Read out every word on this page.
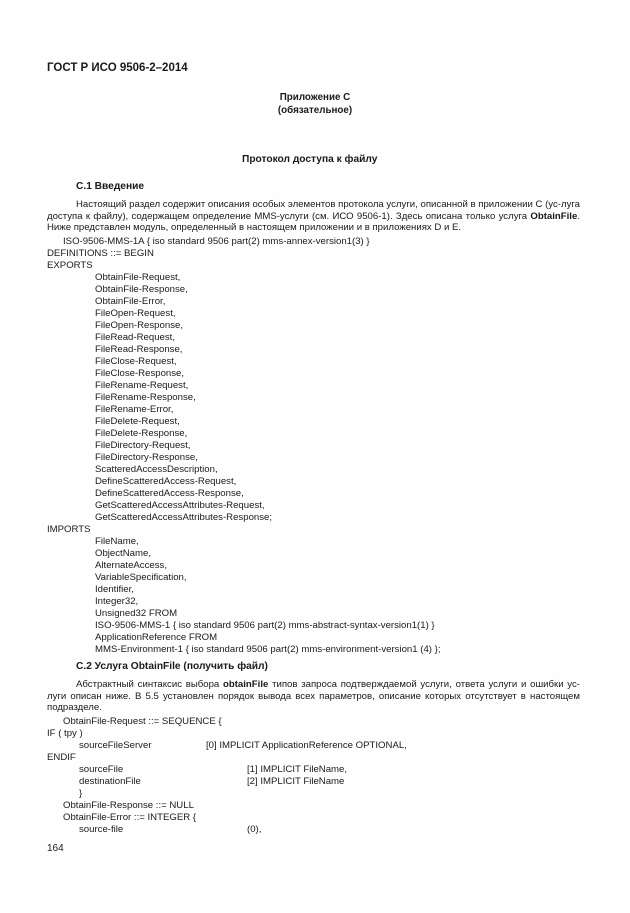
ГОСТ Р ИСО 9506-2–2014
Приложение С
(обязательное)
Протокол доступа к файлу
С.1 Введение
Настоящий раздел содержит описания особых элементов протокола услуги, описанной в приложении С (ус-луга доступа к файлу), содержащем определение MMS-услуги (см. ИСО 9506-1). Здесь описана только услуга ObtainFile. Ниже представлен модуль, определенный в настоящем приложении и в приложениях D и Е.
ISO-9506-MMS-1A { iso standard 9506 part(2) mms-annex-version1(3) }
DEFINITIONS ::= BEGIN
EXPORTS
ObtainFile-Request,
ObtainFile-Response,
ObtainFile-Error,
FileOpen-Request,
FileOpen-Response,
FileRead-Request,
FileRead-Response,
FileClose-Request,
FileClose-Response,
FileRename-Request,
FileRename-Response,
FileRename-Error,
FileDelete-Request,
FileDelete-Response,
FileDirectory-Request,
FileDirectory-Response,
ScatteredAccessDescription,
DefineScatteredAccess-Request,
DefineScatteredAccess-Response,
GetScatteredAccessAttributes-Request,
GetScatteredAccessAttributes-Response;
IMPORTS
FileName,
ObjectName,
AlternateAccess,
VariableSpecification,
Identifier,
Integer32,
Unsigned32 FROM
ISO-9506-MMS-1 { iso standard 9506 part(2) mms-abstract-syntax-version1(1) }
ApplicationReference FROM
MMS-Environment-1 { iso standard 9506 part(2) mms-environment-version1 (4) };
С.2 Услуга ObtainFile (получить файл)
Абстрактный синтаксис выбора obtainFile типов запроса подтверждаемой услуги, ответа услуги и ошибки ус-луги описан ниже. В 5.5 установлен порядок вывода всех параметров, описание которых отсутствует в настоящем подразделе.
ObtainFile-Request ::= SEQUENCE {
IF ( tpy )
sourceFileServer	[0] IMPLICIT ApplicationReference OPTIONAL,
ENDIF
sourceFile	[1] IMPLICIT FileName,
destinationFile	[2] IMPLICIT FileName
}
ObtainFile-Response ::= NULL
ObtainFile-Error ::= INTEGER {
source-file	(0),
164
